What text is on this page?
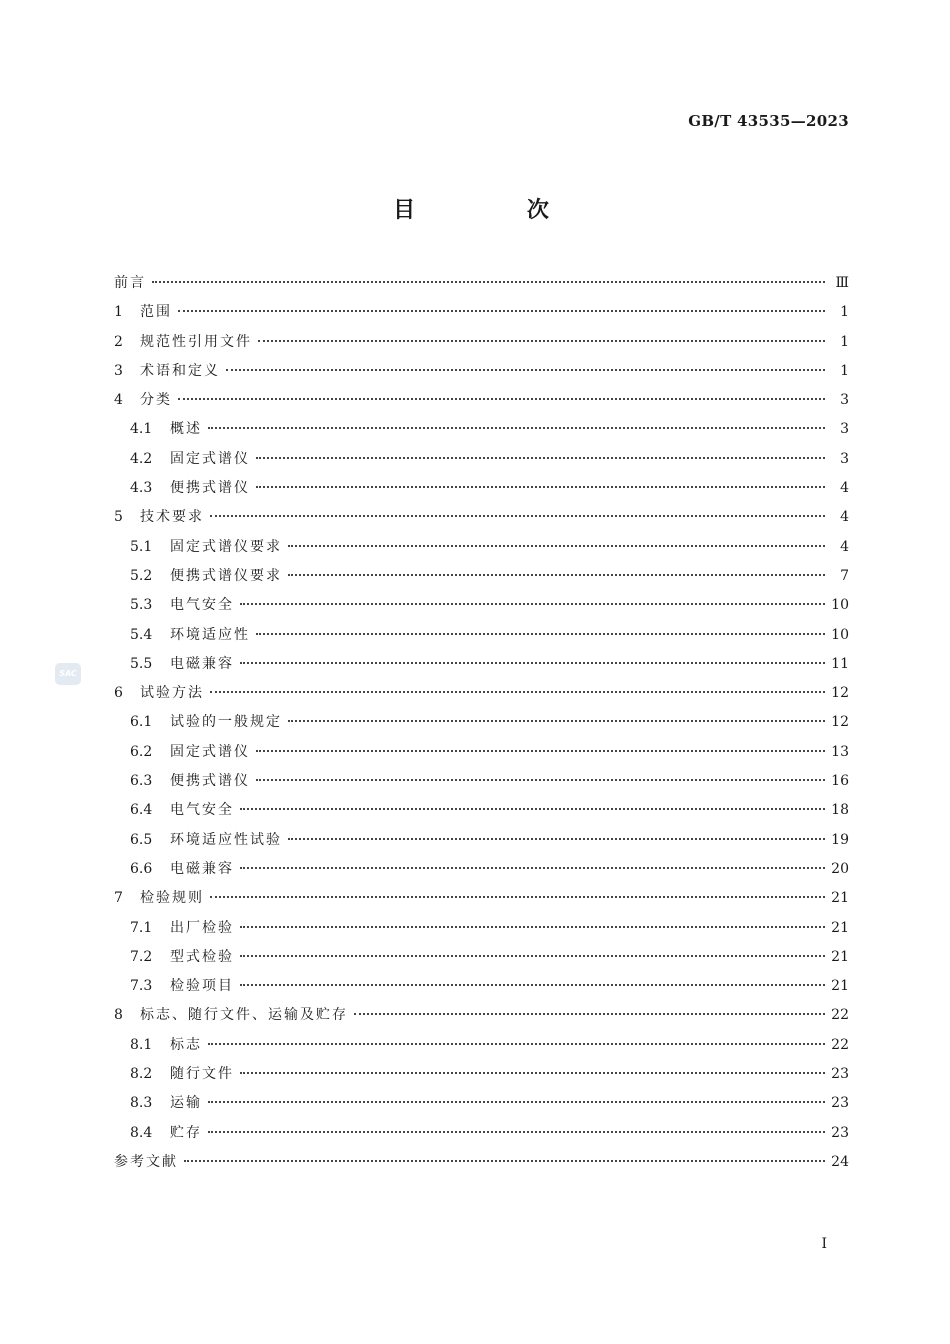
GB/T 43535—2023
目 次
前言	Ⅲ
1	范围	1
2	规范性引用文件	1
3	术语和定义	1
4	分类	3
4.1	概述	3
4.2	固定式谱仪	3
4.3	便携式谱仪	4
5	技术要求	4
5.1	固定式谱仪要求	4
5.2	便携式谱仪要求	7
5.3	电气安全	10
5.4	环境适应性	10
5.5	电磁兼容	11
6	试验方法	12
6.1	试验的一般规定	12
6.2	固定式谱仪	13
6.3	便携式谱仪	16
6.4	电气安全	18
6.5	环境适应性试验	19
6.6	电磁兼容	20
7	检验规则	21
7.1	出厂检验	21
7.2	型式检验	21
7.3	检验项目	21
8	标志、随行文件、运输及贮存	22
8.1	标志	22
8.2	随行文件	23
8.3	运输	23
8.4	贮存	23
参考文献	24
SAC
I
